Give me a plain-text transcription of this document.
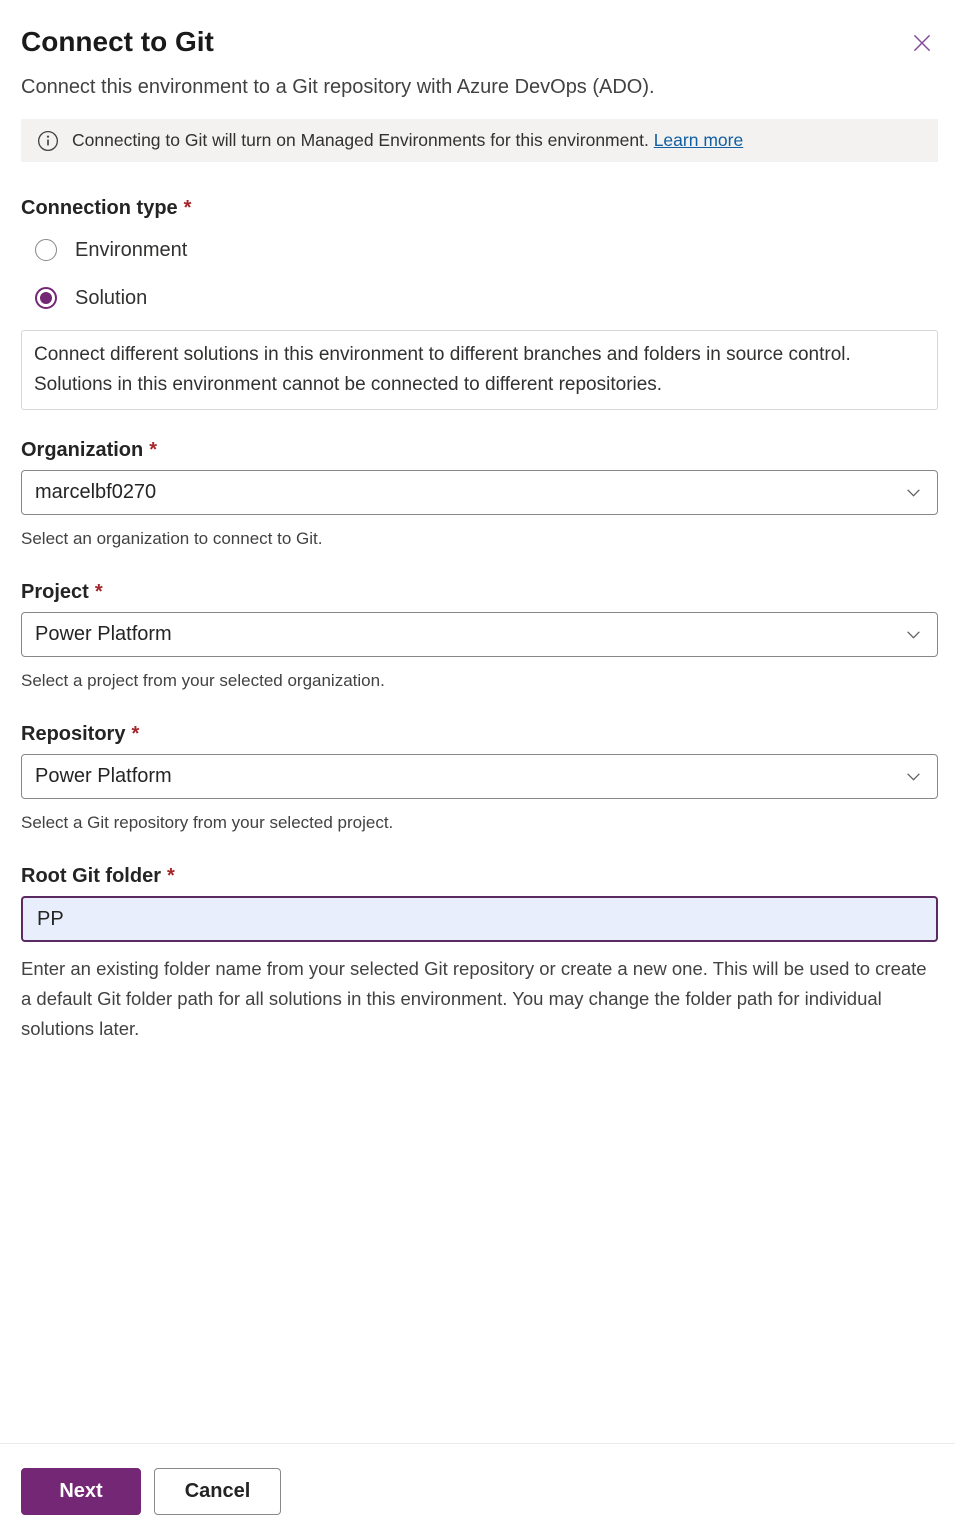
Connect to Git

Connect this environment to a Git repository with Azure DevOps (ADO).

Connecting to Git will turn on Managed Environments for this environment. Learn more
Connection type *
Environment
Solution
Connect different solutions in this environment to different branches and folders in source control. Solutions in this environment cannot be connected to different repositories.
Organization *
marcelbf0270
Select an organization to connect to Git.
Project *
Power Platform
Select a project from your selected organization.
Repository *
Power Platform
Select a Git repository from your selected project.
Root Git folder *
PP
Enter an existing folder name from your selected Git repository or create a new one. This will be used to create a default Git folder path for all solutions in this environment. You may change the folder path for individual solutions later.
Next	Cancel
